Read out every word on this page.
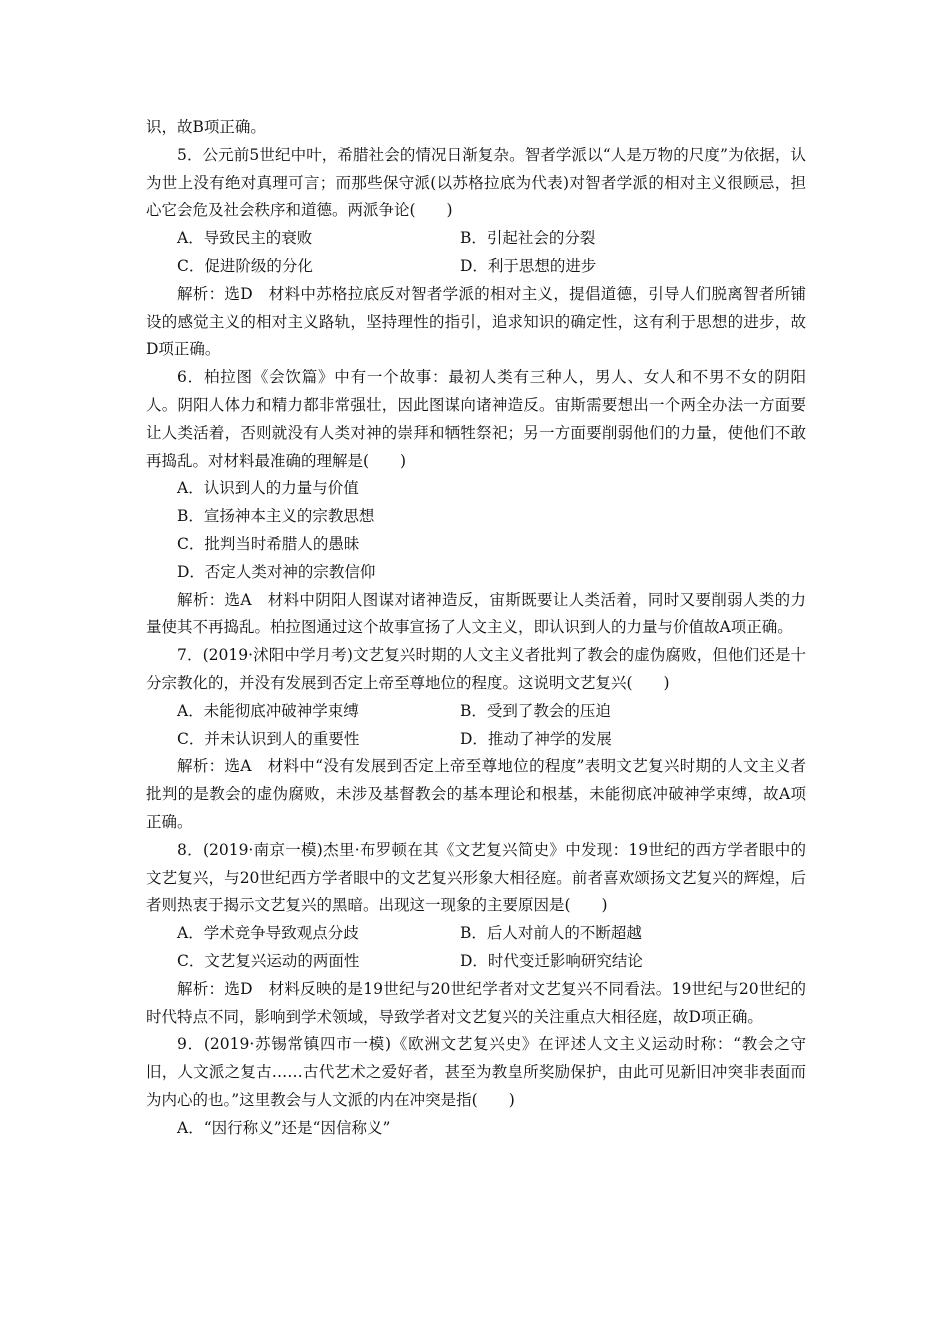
识，故B项正确。

5．公元前5世纪中叶，希腊社会的情况日渐复杂。智者学派以“人是万物的尺度”为依据，认为世上没有绝对真理可言；而那些保守派(以苏格拉底为代表)对智者学派的相对主义很顾忌，担心它会危及社会秩序和道德。两派争论(　　)

A．导致民主的衰败	B．引起社会的分裂
C．促进阶级的分化	D．利于思想的进步

解析：选D　材料中苏格拉底反对智者学派的相对主义，提倡道德，引导人们脱离智者所铺设的感觉主义的相对主义路轨，坚持理性的指引，追求知识的确定性，这有利于思想的进步，故D项正确。

6．柏拉图《会饮篇》中有一个故事：最初人类有三种人，男人、女人和不男不女的阴阳人。阴阳人体力和精力都非常强壮，因此图谋向诸神造反。宙斯需要想出一个两全办法一方面要让人类活着，否则就没有人类对神的崇拜和牺牲祭祀；另一方面要削弱他们的力量，使他们不敢再捣乱。对材料最准确的理解是(　　)

A．认识到人的力量与价值
B．宣扬神本主义的宗教思想
C．批判当时希腊人的愚昧
D．否定人类对神的宗教信仰

解析：选A　材料中阴阳人图谋对诸神造反，宙斯既要让人类活着，同时又要削弱人类的力量使其不再捣乱。柏拉图通过这个故事宣扬了人文主义，即认识到人的力量与价值故A项正确。

7．(2019·沭阳中学月考)文艺复兴时期的人文主义者批判了教会的虚伪腐败，但他们还是十分宗教化的，并没有发展到否定上帝至尊地位的程度。这说明文艺复兴(　　)

A．未能彻底冲破神学束缚	B．受到了教会的压迫
C．并未认识到人的重要性	D．推动了神学的发展

解析：选A　材料中“没有发展到否定上帝至尊地位的程度”表明文艺复兴时期的人文主义者批判的是教会的虚伪腐败，未涉及基督教会的基本理论和根基，未能彻底冲破神学束缚，故A项正确。

8．(2019·南京一模)杰里·布罗顿在其《文艺复兴简史》中发现：19世纪的西方学者眼中的文艺复兴，与20世纪西方学者眼中的文艺复兴形象大相径庭。前者喜欢颂扬文艺复兴的辉煌，后者则热衷于揭示文艺复兴的黑暗。出现这一现象的主要原因是(　　)

A．学术竞争导致观点分歧	B．后人对前人的不断超越
C．文艺复兴运动的两面性	D．时代变迁影响研究结论

解析：选D　材料反映的是19世纪与20世纪学者对文艺复兴不同看法。19世纪与20世纪的时代特点不同，影响到学术领域，导致学者对文艺复兴的关注重点大相径庭，故D项正确。

9．(2019·苏锡常镇四市一模)《欧洲文艺复兴史》在评述人文主义运动时称：“教会之守旧，人文派之复古……古代艺术之爱好者，甚至为教皇所奖励保护，由此可见新旧冲突非表面而为内心的也。”这里教会与人文派的内在冲突是指(　　)

A．“因行称义”还是“因信称义”
